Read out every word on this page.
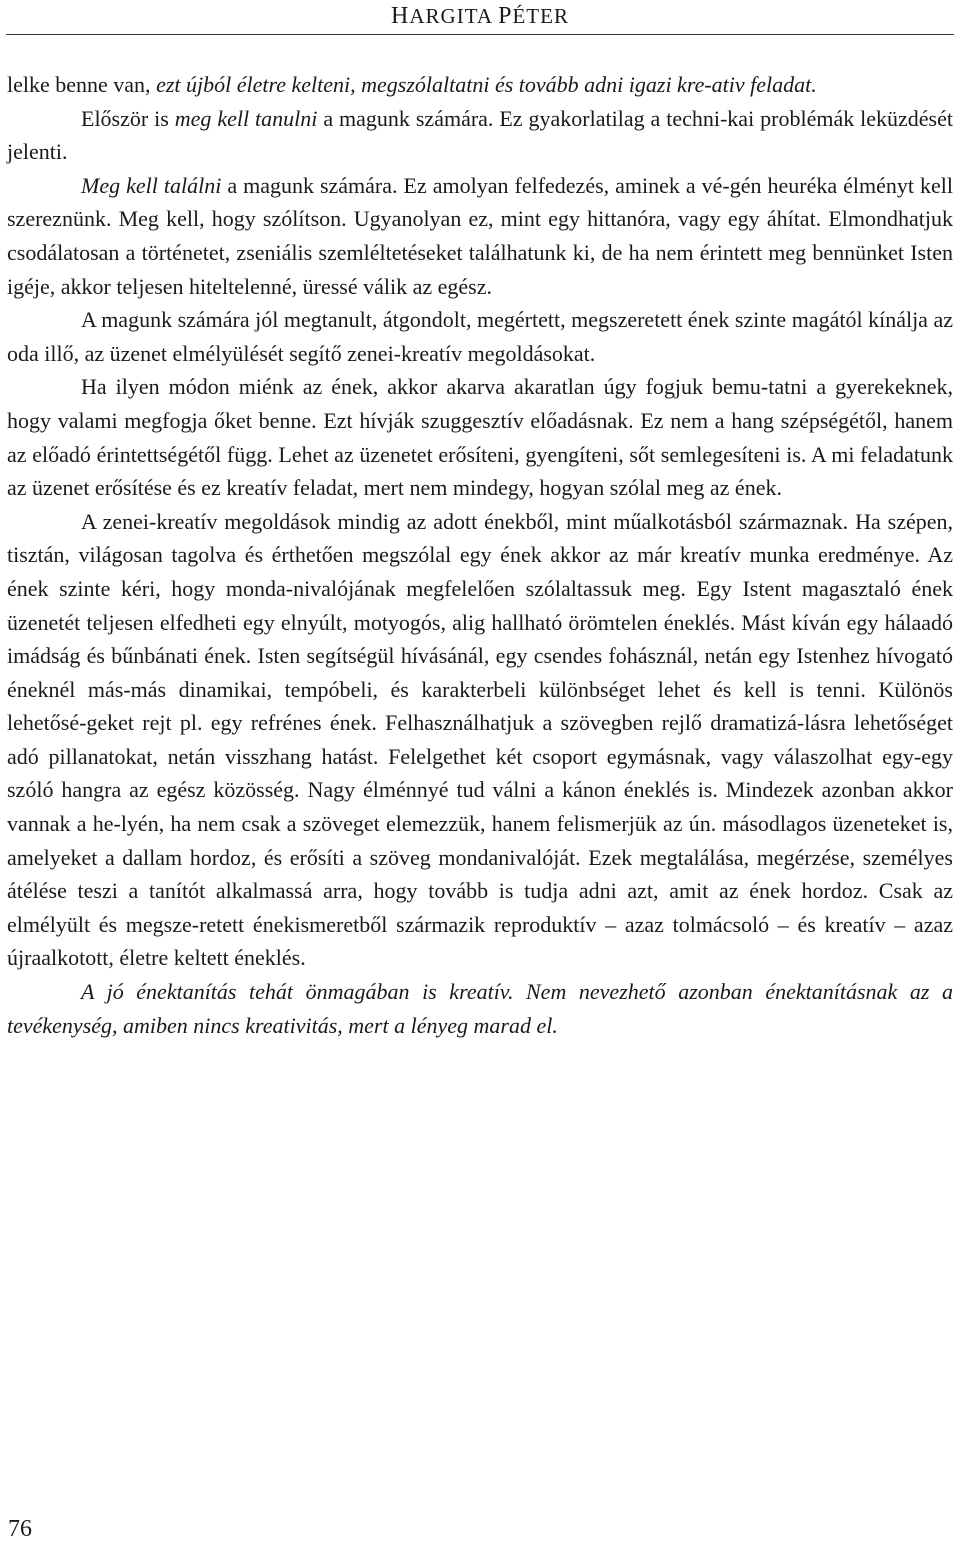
HARGITA PÉTER

lelke benne van, ezt újból életre kelteni, megszólaltatni és tovább adni igazi kre-ativ feladat.

Először is meg kell tanulni a magunk számára. Ez gyakorlatilag a techni-kai problémák leküzdését jelenti.

Meg kell találni a magunk számára. Ez amolyan felfedezés, aminek a vé-gén heuréka élményt kell szereznünk. Meg kell, hogy szólítson. Ugyanolyan ez, mint egy hittanóra, vagy egy áhítat. Elmondhatjuk csodálatosan a történetet, zseniális szemléltetéseket találhatunk ki, de ha nem érintett meg bennünket Isten igéje, akkor teljesen hiteltelenné, üressé válik az egész.

A magunk számára jól megtanult, átgondolt, megértett, megszeretett ének szinte magától kínálja az oda illő, az üzenet elmélyülését segítő zenei-kreatív megoldásokat.

Ha ilyen módon miénk az ének, akkor akarva akaratlan úgy fogjuk bemu-tatni a gyerekeknek, hogy valami megfogja őket benne. Ezt hívják szuggesztív előadásnak. Ez nem a hang szépségétől, hanem az előadó érintettségétől függ. Lehet az üzenetet erősíteni, gyengíteni, sőt semlegesíteni is. A mi feladatunk az üzenet erősítése és ez kreatív feladat, mert nem mindegy, hogyan szólal meg az ének.

A zenei-kreatív megoldások mindig az adott énekből, mint műalkotásból származnak. Ha szépen, tisztán, világosan tagolva és érthetően megszólal egy ének akkor az már kreatív munka eredménye. Az ének szinte kéri, hogy monda-nivalójának megfelelően szólaltassuk meg. Egy Istent magasztaló ének üzenetét teljesen elfedheti egy elnyúlt, motyogós, alig hallható örömtelen éneklés. Mást kíván egy hálaadó imádság és bűnbánati ének. Isten segítségül hívásánál, egy csendes fohásznál, netán egy Istenhez hívogató éneknél más-más dinamikai, tempóbeli, és karakterbeli különbséget lehet és kell is tenni. Különös lehetősé-geket rejt pl. egy refrénes ének. Felhasználhatjuk a szövegben rejlő dramatizá-lásra lehetőséget adó pillanatokat, netán visszhang hatást. Felelgethet két csoport egymásnak, vagy válaszolhat egy-egy szóló hangra az egész közösség. Nagy élménnyé tud válni a kánon éneklés is. Mindezek azonban akkor vannak a he-lyén, ha nem csak a szöveget elemezzük, hanem felismerjük az ún. másodlagos üzeneteket is, amelyeket a dallam hordoz, és erősíti a szöveg mondanivalóját. Ezek megtalálása, megérzése, személyes átélése teszi a tanítót alkalmassá arra, hogy tovább is tudja adni azt, amit az ének hordoz. Csak az elmélyült és megsze-retett énekismeretből származik reproduktív – azaz tolmácsoló – és kreatív – azaz újraalkotott, életre keltett éneklés.

A jó énektanítás tehát önmagában is kreatív. Nem nevezhető azonban énektanításnak az a tevékenység, amiben nincs kreativitás, mert a lényeg marad el.

76
